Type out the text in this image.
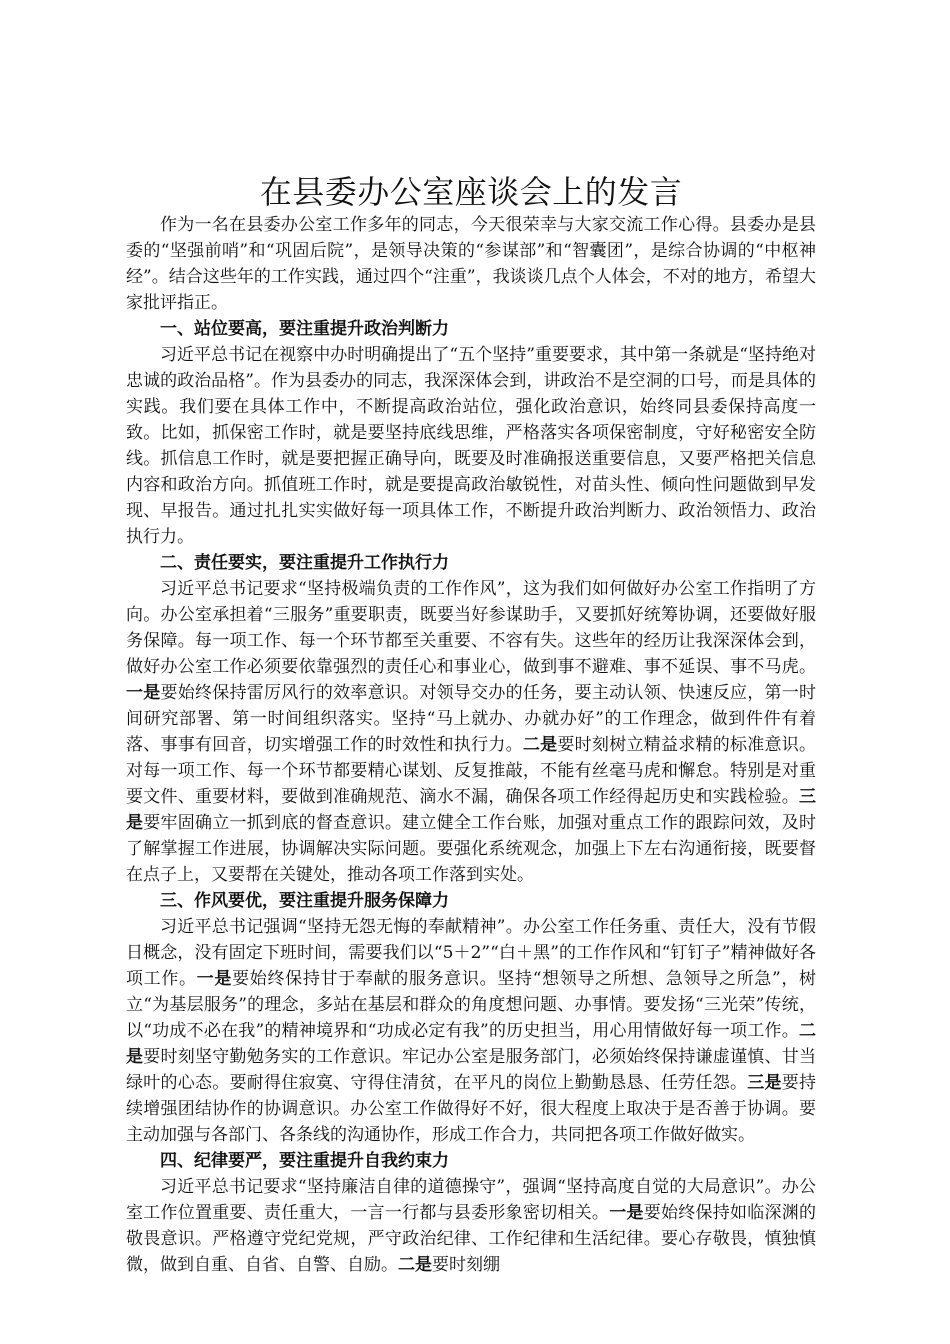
在县委办公室座谈会上的发言

作为一名在县委办公室工作多年的同志，今天很荣幸与大家交流工作心得。县委办是县委的“坚强前哨”和“巩固后院”，是领导决策的“参谋部”和“智囊团”，是综合协调的“中枢神经”。结合这些年的工作实践，通过四个“注重”，我谈谈几点个人体会，不对的地方，希望大家批评指正。

一、站位要高，要注重提升政治判断力

习近平总书记在视察中办时明确提出了“五个坚持”重要要求，其中第一条就是“坚持绝对忠诚的政治品格”。作为县委办的同志，我深深体会到，讲政治不是空洞的口号，而是具体的实践。我们要在具体工作中，不断提高政治站位，强化政治意识，始终同县委保持高度一致。比如，抓保密工作时，就是要坚持底线思维，严格落实各项保密制度，守好秘密安全防线。抓信息工作时，就是要把握正确导向，既要及时准确报送重要信息，又要严格把关信息内容和政治方向。抓值班工作时，就是要提高政治敏锐性，对苗头性、倾向性问题做到早发现、早报告。通过扎扎实实做好每一项具体工作，不断提升政治判断力、政治领悟力、政治执行力。

二、责任要实，要注重提升工作执行力

习近平总书记要求“坚持极端负责的工作作风”，这为我们如何做好办公室工作指明了方向。办公室承担着“三服务”重要职责，既要当好参谋助手，又要抓好统筹协调，还要做好服务保障。每一项工作、每一个环节都至关重要、不容有失。这些年的经历让我深深体会到，做好办公室工作必须要依靠强烈的责任心和事业心，做到事不避难、事不延误、事不马虎。一是要始终保持雷厉风行的效率意识。对领导交办的任务，要主动认领、快速反应，第一时间研究部署、第一时间组织落实。坚持“马上就办、办就办好”的工作理念，做到件件有着落、事事有回音，切实增强工作的时效性和执行力。二是要时刻树立精益求精的标准意识。对每一项工作、每一个环节都要精心谋划、反复推敲，不能有丝毫马虎和懈怠。特别是对重要文件、重要材料，要做到准确规范、滴水不漏，确保各项工作经得起历史和实践检验。三是要牢固确立一抓到底的督查意识。建立健全工作台账，加强对重点工作的跟踪问效，及时了解掌握工作进展，协调解决实际问题。要强化系统观念，加强上下左右沟通衔接，既要督在点子上，又要帮在关键处，推动各项工作落到实处。

三、作风要优，要注重提升服务保障力

习近平总书记强调“坚持无怨无悔的奉献精神”。办公室工作任务重、责任大，没有节假日概念，没有固定下班时间，需要我们以“5＋2”“白＋黑”的工作作风和“钉钉子”精神做好各项工作。一是要始终保持甘于奉献的服务意识。坚持“想领导之所想、急领导之所急”，树立“为基层服务”的理念，多站在基层和群众的角度想问题、办事情。要发扬“三光荣”传统，以“功成不必在我”的精神境界和“功成必定有我”的历史担当，用心用情做好每一项工作。二是要时刻坚守勤勉务实的工作意识。牢记办公室是服务部门，必须始终保持谦虚谨慎、甘当绿叶的心态。要耐得住寂寞、守得住清贫，在平凡的岗位上勤勤恳恳、任劳任怨。三是要持续增强团结协作的协调意识。办公室工作做得好不好，很大程度上取决于是否善于协调。要主动加强与各部门、各条线的沟通协作，形成工作合力，共同把各项工作做好做实。

四、纪律要严，要注重提升自我约束力

习近平总书记要求“坚持廉洁自律的道德操守”，强调“坚持高度自觉的大局意识”。办公室工作位置重要、责任重大，一言一行都与县委形象密切相关。一是要始终保持如临深渊的敬畏意识。严格遵守党纪党规，严守政治纪律、工作纪律和生活纪律。要心存敬畏，慎独慎微，做到自重、自省、自警、自励。二是要时刻绷
